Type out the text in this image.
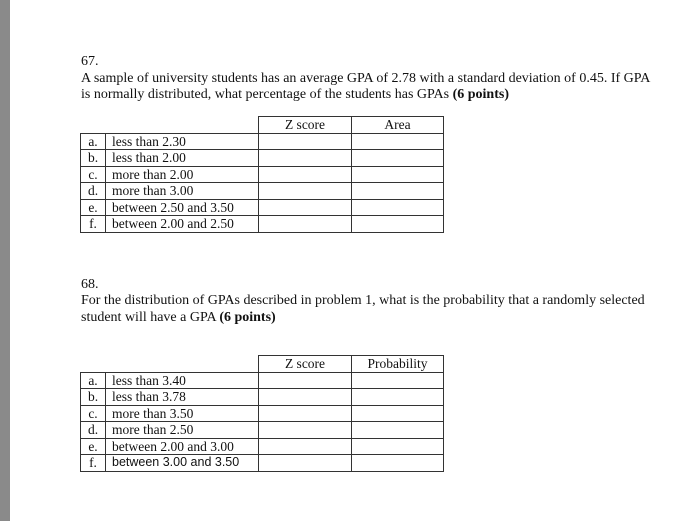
67.
A sample of university students has an average GPA of 2.78 with a standard deviation of 0.45. If GPA
is normally distributed, what percentage of the students has GPAs (6 points)
		Z score	Area
a.	less than 2.30		
b.	less than 2.00		
c.	more than 2.00		
d.	more than 3.00		
e.	between 2.50 and 3.50		
f.	between 2.00 and 2.50		
68.
For the distribution of GPAs described in problem 1, what is the probability that a randomly selected
student will have a GPA (6 points)
		Z score	Probability
a.	less than 3.40		
b.	less than 3.78		
c.	more than 3.50		
d.	more than 2.50		
e.	between 2.00 and 3.00		
f.	between 3.00 and 3.50		
